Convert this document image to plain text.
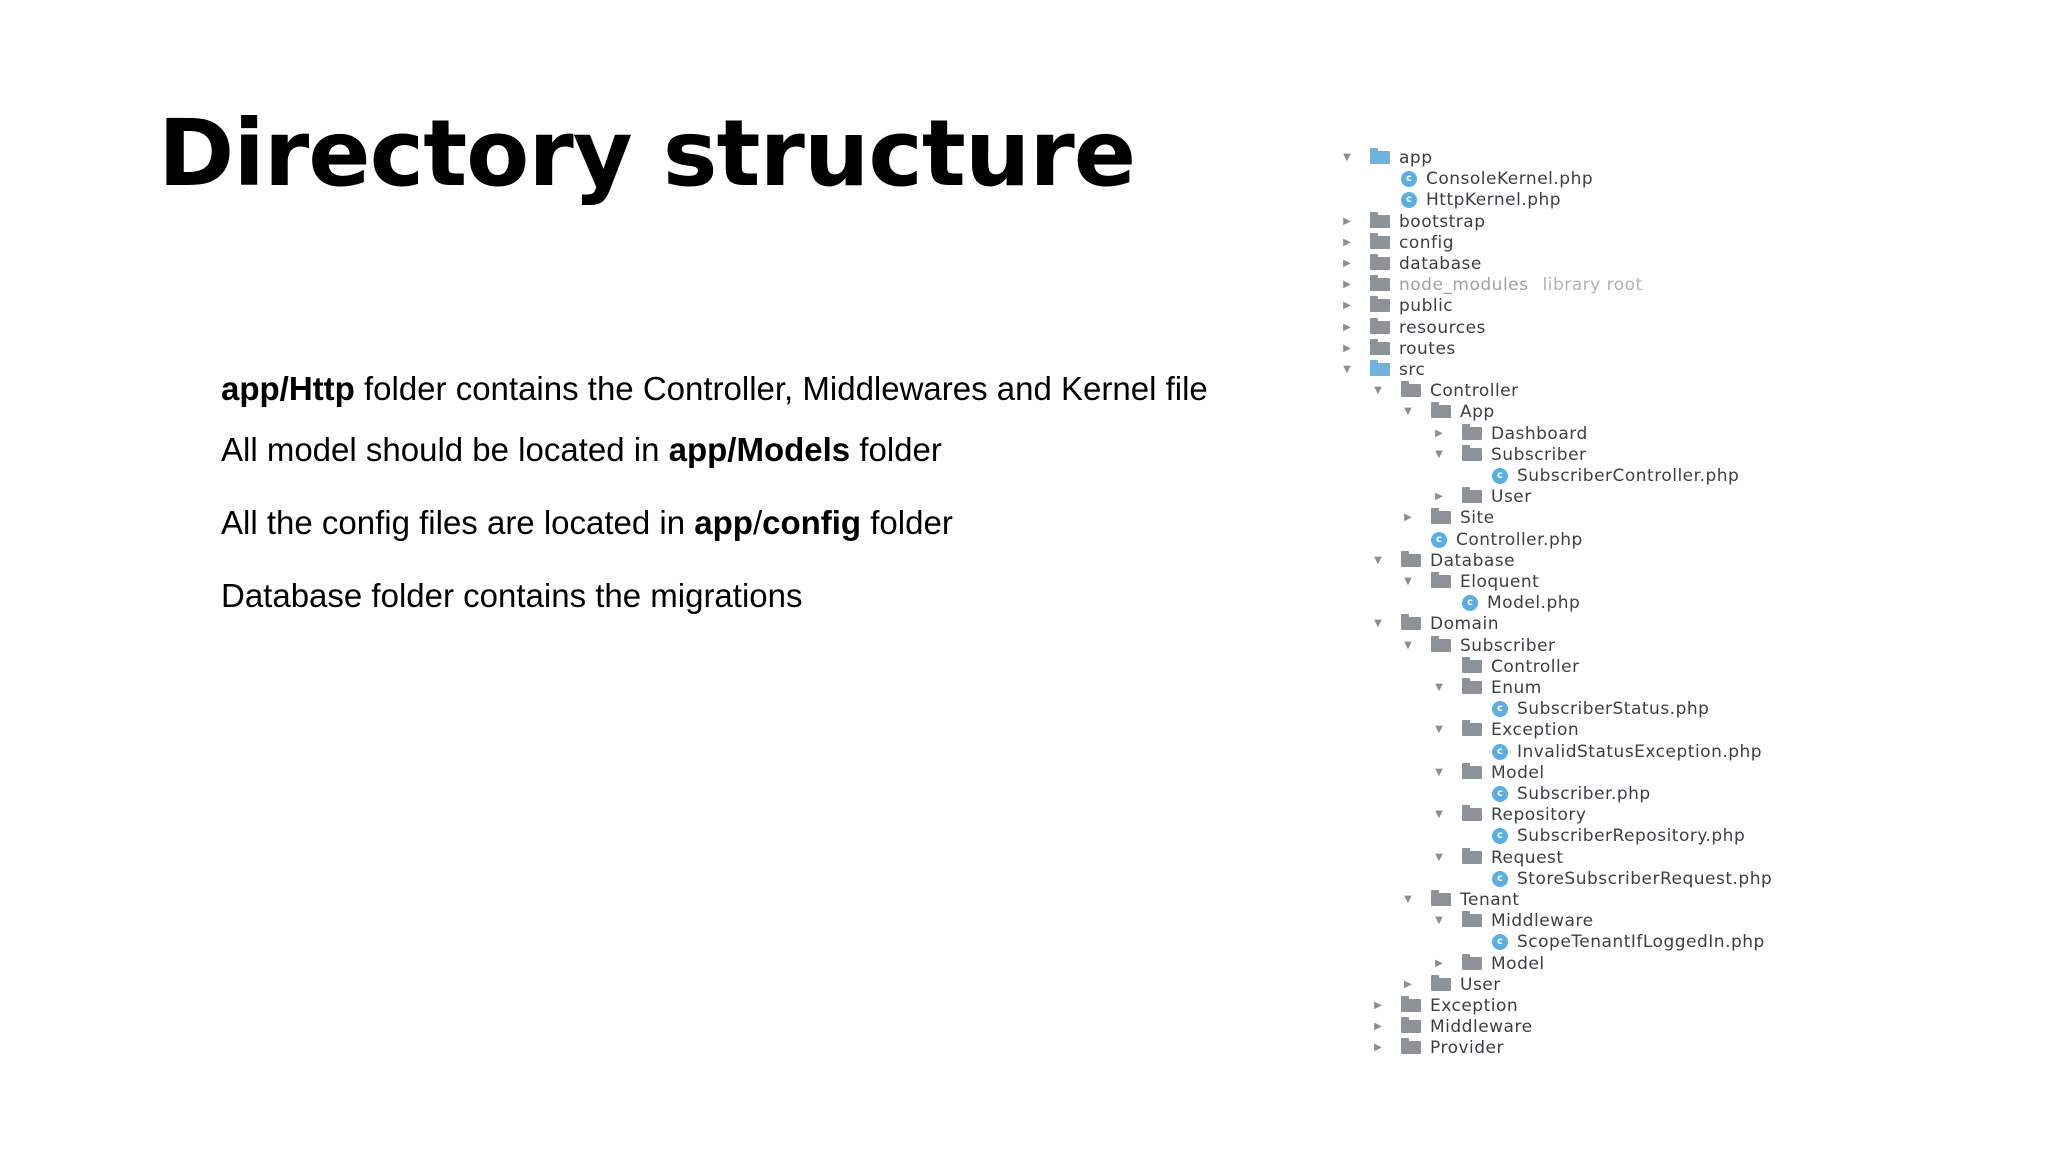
Directory structure
app/Http folder contains the Controller, Middlewares and Kernel file
All model should be located in app/Models folder
All the config files are located in app/config folder
Database folder contains the migrations
▼	app
c ConsoleKernel.php
c HttpKernel.php
▶	bootstrap
▶	config
▶	database
▶	node_modules library root
▶	public
▶	resources
▶	routes
▼	src
▼	Controller
▼	App
▶	Dashboard
▼	Subscriber
c SubscriberController.php
▶	User
▶	Site
c Controller.php
▼	Database
▼	Eloquent
c Model.php
▼	Domain
▼	Subscriber
Controller
▼	Enum
c SubscriberStatus.php
▼	Exception
c InvalidStatusException.php
▼	Model
c Subscriber.php
▼	Repository
c SubscriberRepository.php
▼	Request
c StoreSubscriberRequest.php
▼	Tenant
▼	Middleware
c ScopeTenantIfLoggedIn.php
▶	Model
▶	User
▶	Exception
▶	Middleware
▶	Provider
